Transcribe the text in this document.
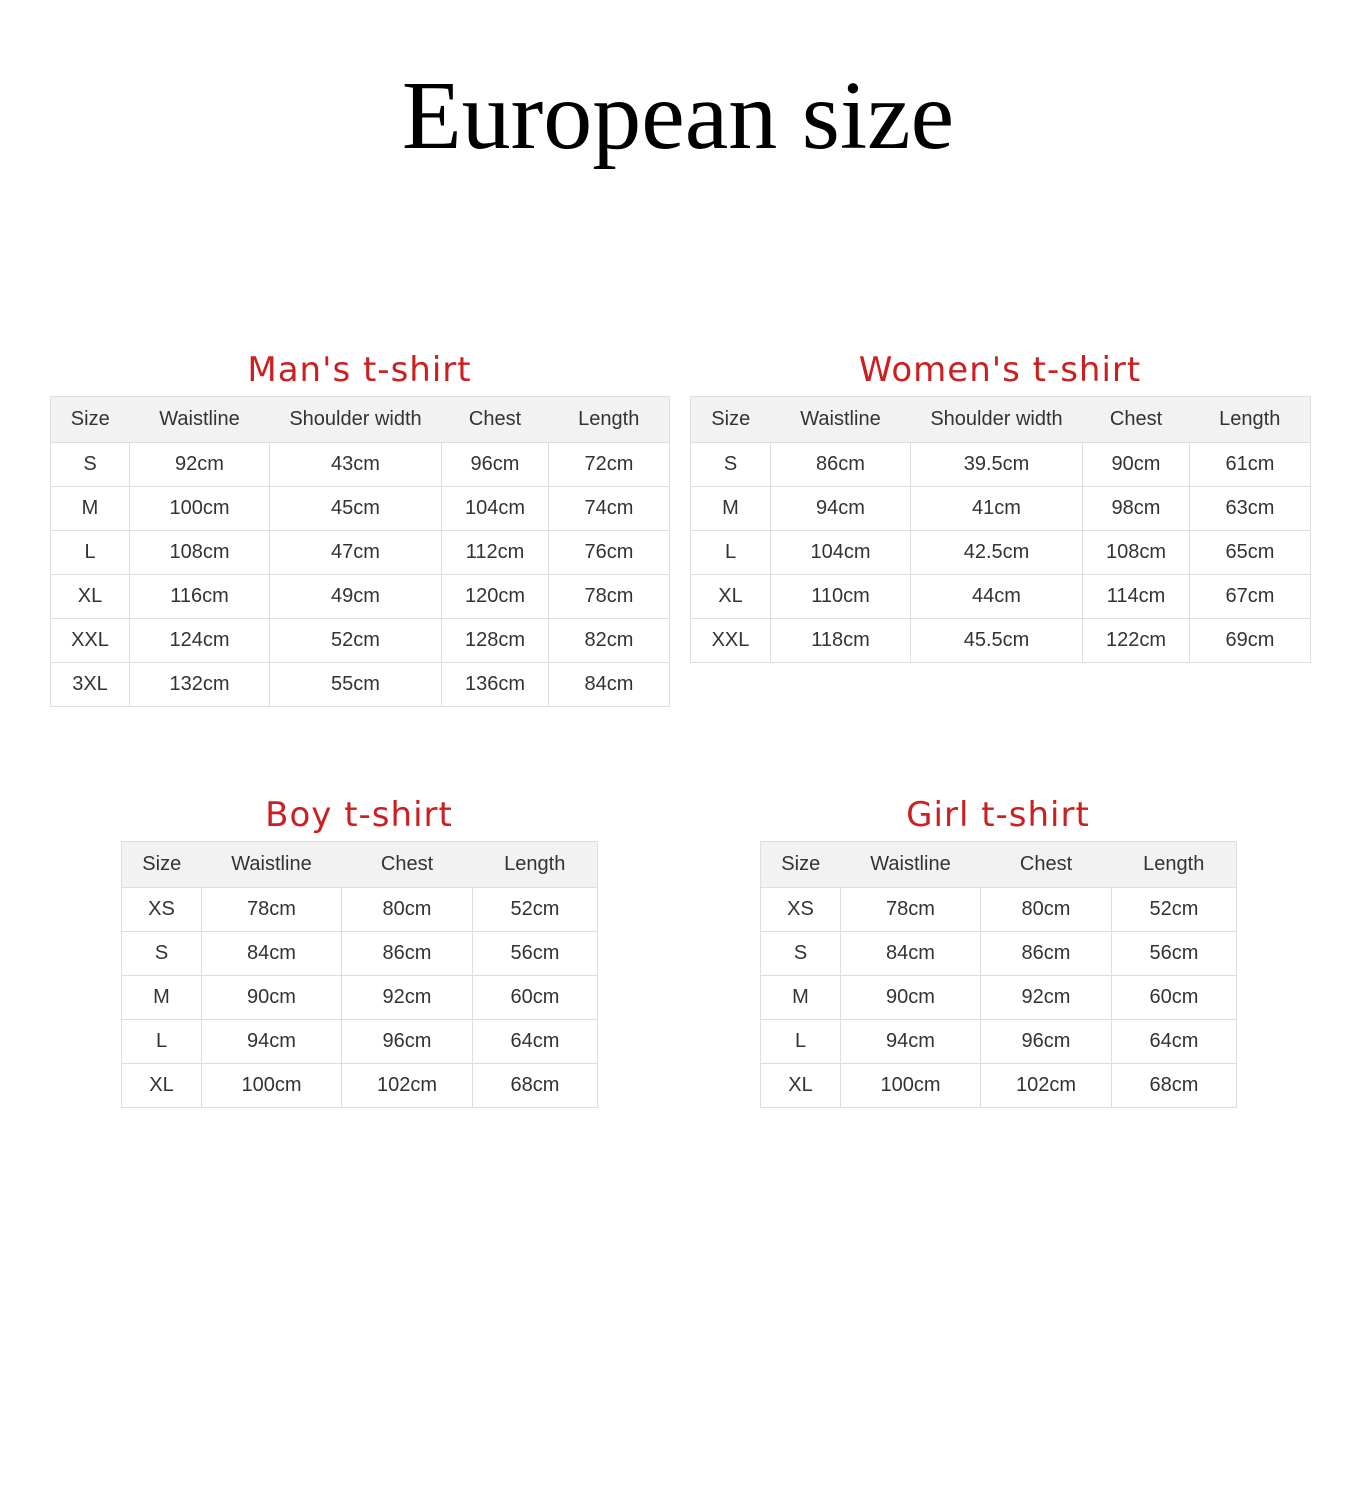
European size
Man's t-shirt
Size	Waistline	Shoulder width	Chest	Length
S	92cm	43cm	96cm	72cm
M	100cm	45cm	104cm	74cm
L	108cm	47cm	112cm	76cm
XL	116cm	49cm	120cm	78cm
XXL	124cm	52cm	128cm	82cm
3XL	132cm	55cm	136cm	84cm
Women's t-shirt
Size	Waistline	Shoulder width	Chest	Length
S	86cm	39.5cm	90cm	61cm
M	94cm	41cm	98cm	63cm
L	104cm	42.5cm	108cm	65cm
XL	110cm	44cm	114cm	67cm
XXL	118cm	45.5cm	122cm	69cm
Boy t-shirt
Size	Waistline	Chest	Length
XS	78cm	80cm	52cm
S	84cm	86cm	56cm
M	90cm	92cm	60cm
L	94cm	96cm	64cm
XL	100cm	102cm	68cm
Girl t-shirt
Size	Waistline	Chest	Length
XS	78cm	80cm	52cm
S	84cm	86cm	56cm
M	90cm	92cm	60cm
L	94cm	96cm	64cm
XL	100cm	102cm	68cm
